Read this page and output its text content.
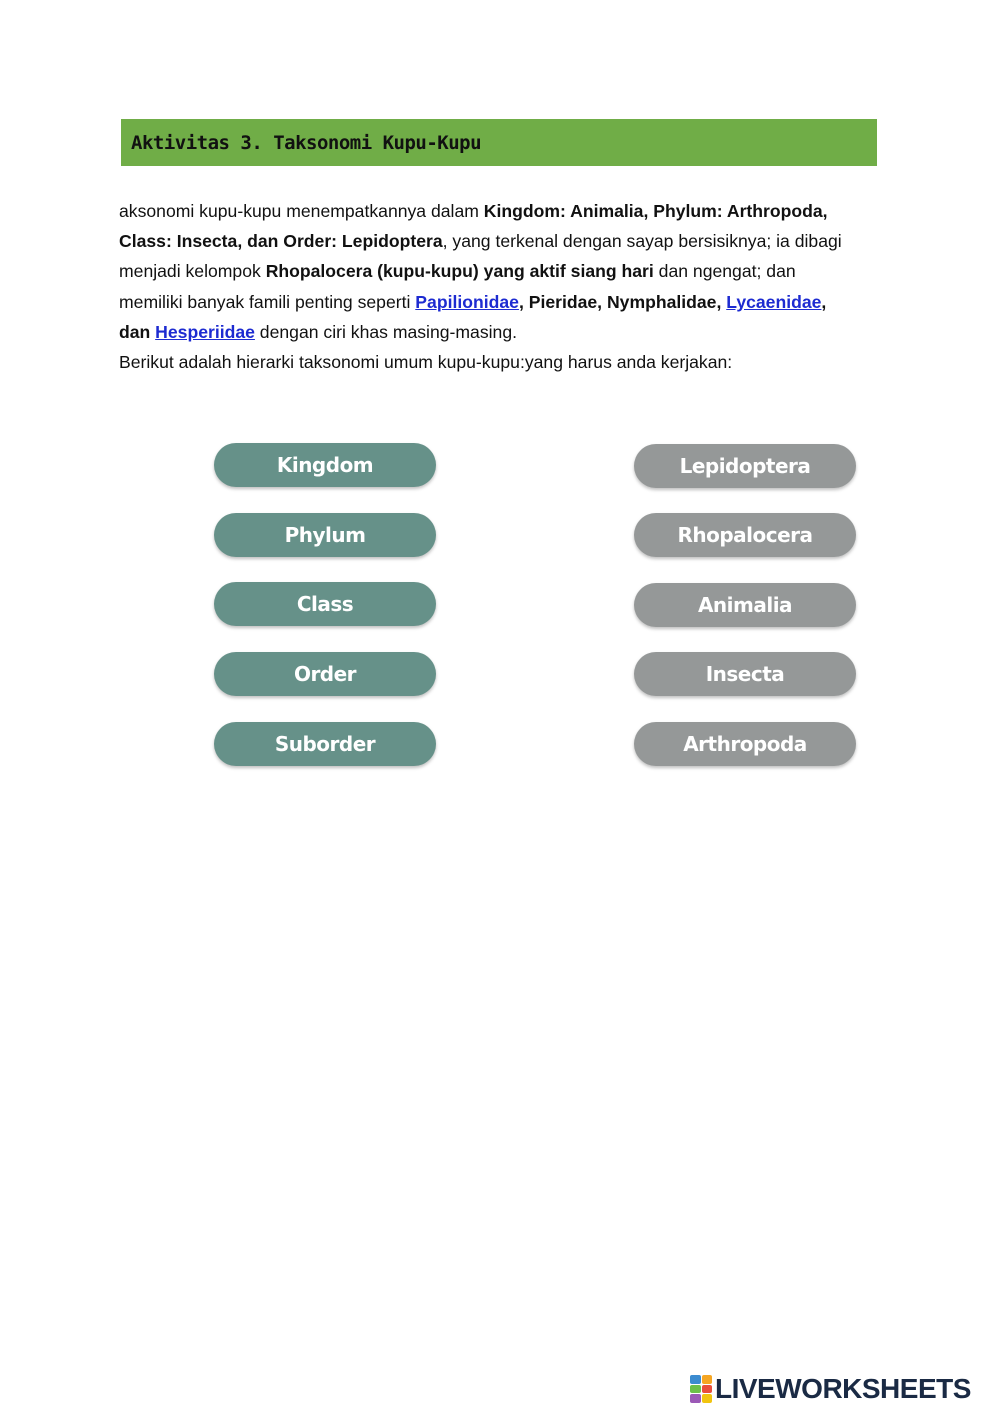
Aktivitas 3. Taksonomi Kupu-Kupu

aksonomi kupu-kupu menempatkannya dalam Kingdom: Animalia, Phylum: Arthropoda,
Class: Insecta, dan Order: Lepidoptera, yang terkenal dengan sayap bersisiknya; ia dibagi
menjadi kelompok Rhopalocera (kupu-kupu) yang aktif siang hari dan ngengat; dan
memiliki banyak famili penting seperti Papilionidae, Pieridae, Nymphalidae, Lycaenidae,
dan Hesperiidae dengan ciri khas masing-masing.
Berikut adalah hierarki taksonomi umum kupu-kupu:yang harus anda kerjakan:

Kingdom
Phylum
Class
Order
Suborder
Lepidoptera
Rhopalocera
Animalia
Insecta
Arthropoda
LIVEWORKSHEETS
